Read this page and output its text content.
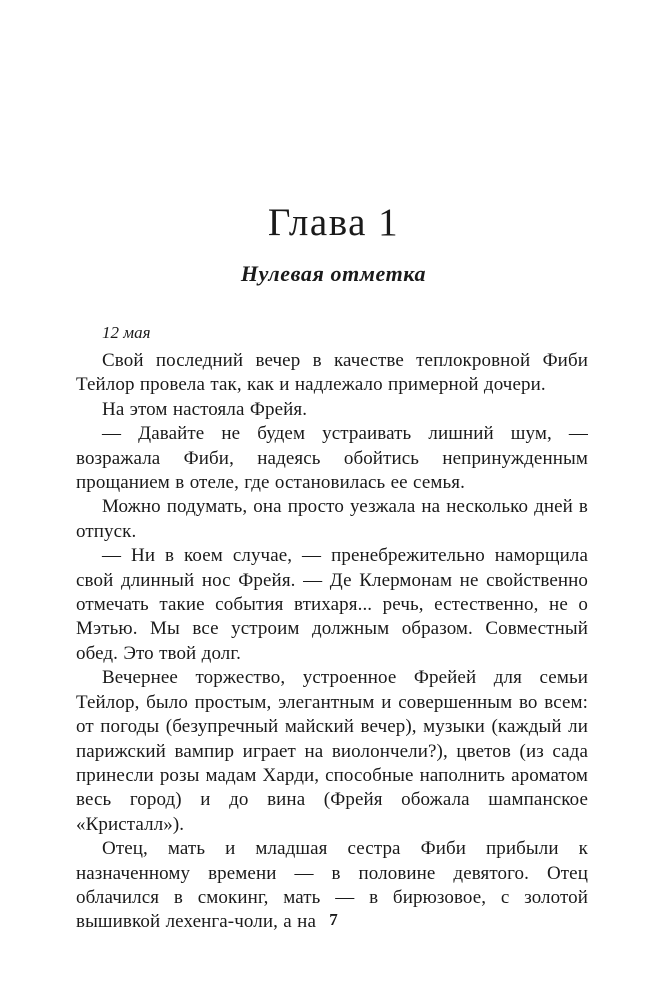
Глава 1
Нулевая отметка

12 мая

Свой последний вечер в качестве теплокровной Фиби Тейлор провела так, как и надлежало примерной дочери.

На этом настояла Фрейя.

— Давайте не будем устраивать лишний шум, — возражала Фиби, надеясь обойтись непринужденным прощанием в отеле, где остановилась ее семья.

Можно подумать, она просто уезжала на несколько дней в отпуск.

— Ни в коем случае, — пренебрежительно наморщила свой длинный нос Фрейя. — Де Клермонам не свойственно отмечать такие события втихаря... речь, естественно, не о Мэтью. Мы все устроим должным образом. Совместный обед. Это твой долг.

Вечернее торжество, устроенное Фрейей для семьи Тейлор, было простым, элегантным и совершенным во всем: от погоды (безупречный майский вечер), музыки (каждый ли парижский вампир играет на виолончели?), цветов (из сада принесли розы мадам Харди, способные наполнить ароматом весь город) и до вина (Фрейя обожала шампанское «Кристалл»).

Отец, мать и младшая сестра Фиби прибыли к назначенному времени — в половине девятого. Отец облачился в смокинг, мать — в бирюзовое, с золотой вышивкой лехенга-чоли, а на 7
